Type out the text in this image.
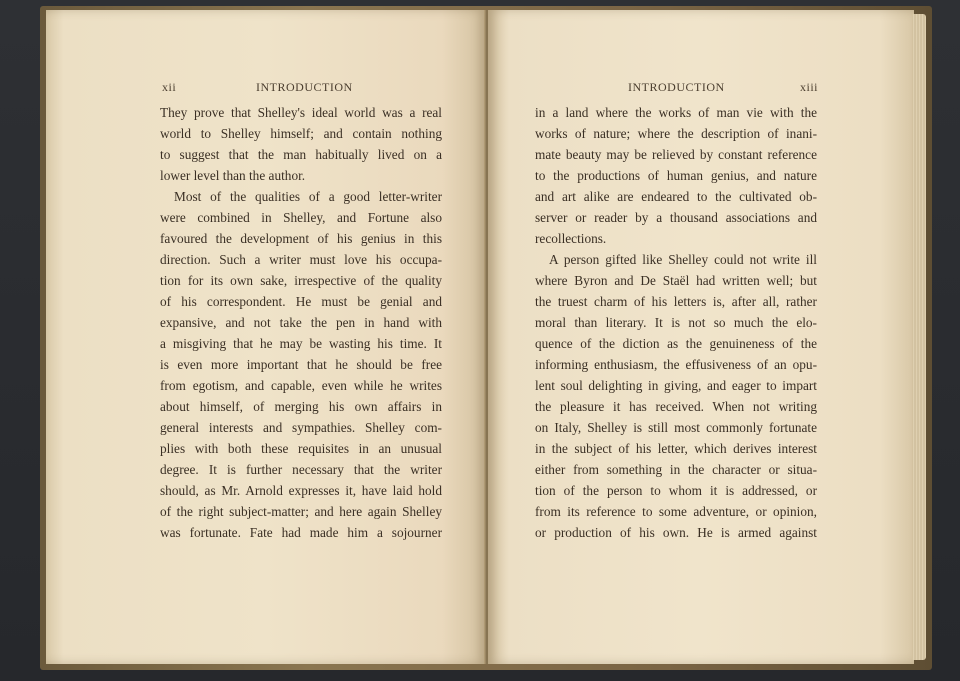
xii	INTRODUCTION
They prove that Shelley's ideal world was a real
world to Shelley himself; and contain nothing
to suggest that the man habitually lived on a
lower level than the author.
Most of the qualities of a good letter-writer
were combined in Shelley, and Fortune also
favoured the development of his genius in this
direction. Such a writer must love his occupa-
tion for its own sake, irrespective of the quality
of his correspondent. He must be genial and
expansive, and not take the pen in hand with
a misgiving that he may be wasting his time. It
is even more important that he should be free
from egotism, and capable, even while he writes
about himself, of merging his own affairs in
general interests and sympathies. Shelley com-
plies with both these requisites in an unusual
degree. It is further necessary that the writer
should, as Mr. Arnold expresses it, have laid hold
of the right subject-matter; and here again Shelley
was fortunate. Fate had made him a sojourner
INTRODUCTION	xiii
in a land where the works of man vie with the
works of nature; where the description of inani-
mate beauty may be relieved by constant reference
to the productions of human genius, and nature
and art alike are endeared to the cultivated ob-
server or reader by a thousand associations and
recollections.
A person gifted like Shelley could not write ill
where Byron and De Staël had written well; but
the truest charm of his letters is, after all, rather
moral than literary. It is not so much the elo-
quence of the diction as the genuineness of the
informing enthusiasm, the effusiveness of an opu-
lent soul delighting in giving, and eager to impart
the pleasure it has received. When not writing
on Italy, Shelley is still most commonly fortunate
in the subject of his letter, which derives interest
either from something in the character or situa-
tion of the person to whom it is addressed, or
from its reference to some adventure, or opinion,
or production of his own. He is armed against
